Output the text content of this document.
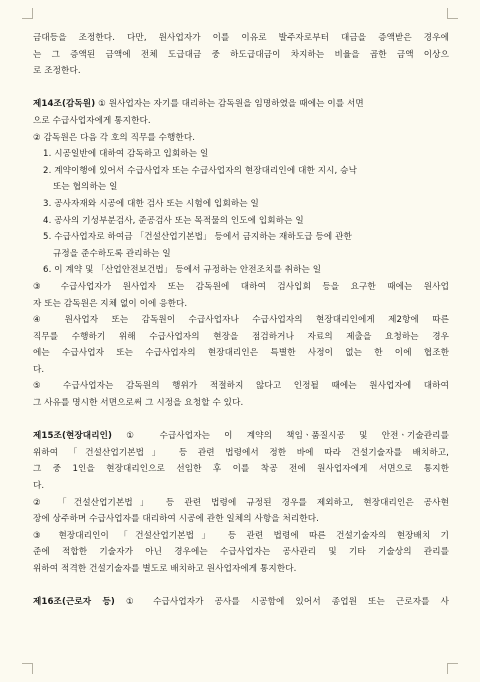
금대등을 조정한다. 다만, 원사업자가 이를 이유로 발주자로부터 대금을 증액받은 경우에
는 그 증액된 금액에 전체 도급대금 중 하도급대금이 차지하는 비율을 곱한 금액 이상으
로 조정한다.
제14조(감독원) ① 원사업자는 자기를 대리하는 감독원을 임명하였을 때에는 이를 서면
으로 수급사업자에게 통지한다.
② 감독원은 다음 각 호의 직무를 수행한다.
1. 시공일반에 대하여 감독하고 입회하는 일
2. 계약이행에 있어서 수급사업자 또는 수급사업자의 현장대리인에 대한 지시, 승낙
또는 협의하는 일
3. 공사자재와 시공에 대한 검사 또는 시험에 입회하는 일
4. 공사의 기성부분검사, 준공검사 또는 목적물의 인도에 입회하는 일
5. 수급사업자로 하여금 「건설산업기본법」 등에서 금지하는 재하도급 등에 관한
규정을 준수하도록 관리하는 일
6. 이 계약 및 「산업안전보건법」 등에서 규정하는 안전조치를 취하는 일
③ 수급사업자가 원사업자 또는 감독원에 대하여 검사입회 등을 요구한 때에는 원사업
자 또는 감독원은 지체 없이 이에 응한다.
④ 원사업자 또는 감독원이 수급사업자나 수급사업자의 현장대리인에게 제2항에 따른
직무를 수행하기 위해 수급사업자의 현장을 점검하거나 자료의 제출을 요청하는 경우
에는 수급사업자 또는 수급사업자의 현장대리인은 특별한 사정이 없는 한 이에 협조한
다.
⑤ 수급사업자는 감독원의 행위가 적절하지 않다고 인정될 때에는 원사업자에 대하여
그 사유를 명시한 서면으로써 그 시정을 요청할 수 있다.
제15조(현장대리인) ① 수급사업자는 이 계약의 책임ㆍ품질시공 및 안전ㆍ기술관리를
위하여 「건설산업기본법」 등 관련 법령에서 정한 바에 따라 건설기술자를 배치하고,
그 중 1인을 현장대리인으로 선임한 후 이를 착공 전에 원사업자에게 서면으로 통지한
다.
② 「건설산업기본법」 등 관련 법령에 규정된 경우를 제외하고, 현장대리인은 공사현
장에 상주하며 수급사업자를 대리하여 시공에 관한 일체의 사항을 처리한다.
③ 현장대리인이 「건설산업기본법」 등 관련 법령에 따른 건설기술자의 현장배치 기
준에 적합한 기술자가 아닌 경우에는 수급사업자는 공사관리 및 기타 기술상의 관리를
위하여 적격한 건설기술자를 별도로 배치하고 원사업자에게 통지한다.
제16조(근로자 등) ① 수급사업자가 공사를 시공함에 있어서 종업원 또는 근로자를 사
